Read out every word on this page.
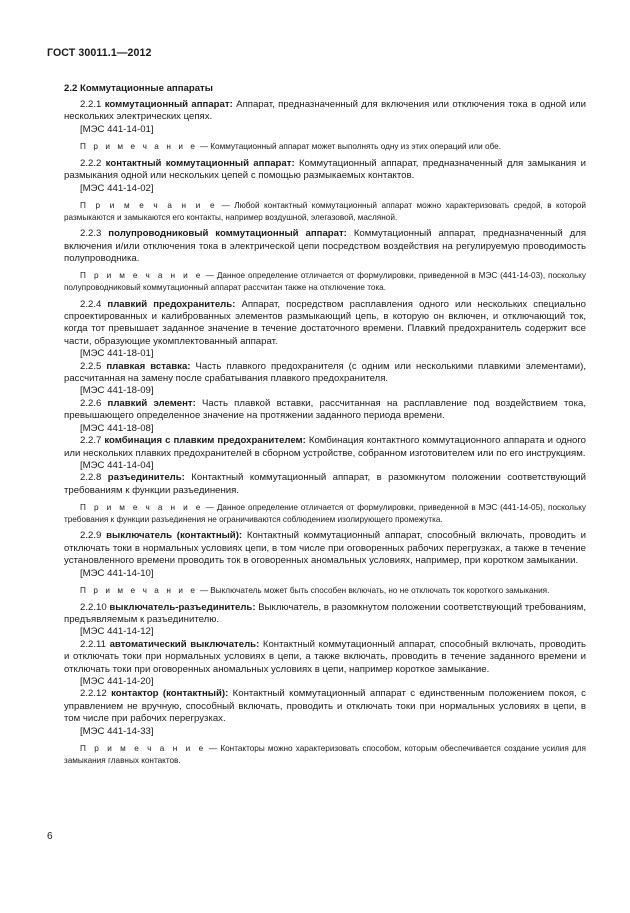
ГОСТ 30011.1—2012
2.2 Коммутационные аппараты
2.2.1 коммутационный аппарат: Аппарат, предназначенный для включения или отключения тока в одной или нескольких электрических цепях.
[МЭС 441-14-01]
П р и м е ч а н и е — Коммутационный аппарат может выполнять одну из этих операций или обе.
2.2.2 контактный коммутационный аппарат: Коммутационный аппарат, предназначенный для замыкания и размыкания одной или нескольких цепей с помощью размыкаемых контактов.
[МЭС 441-14-02]
П р и м е ч а н и е — Любой контактный коммутационный аппарат можно характеризовать средой, в которой размыкаются и замыкаются его контакты, например воздушной, элегазовой, масляной.
2.2.3 полупроводниковый коммутационный аппарат: Коммутационный аппарат, предназначенный для включения и/или отключения тока в электрической цепи посредством воздействия на регулируемую проводимость полупроводника.
П р и м е ч а н и е — Данное определение отличается от формулировки, приведенной в МЭС (441-14-03), поскольку полупроводниковый коммутационный аппарат рассчитан также на отключение тока.
2.2.4 плавкий предохранитель: Аппарат, посредством расплавления одного или нескольких специально спроектированных и калиброванных элементов размыкающий цепь, в которую он включен, и отключающий ток, когда тот превышает заданное значение в течение достаточного времени. Плавкий предохранитель содержит все части, образующие укомплектованный аппарат.
[МЭС 441-18-01]
2.2.5 плавкая вставка: Часть плавкого предохранителя (с одним или несколькими плавкими элементами), рассчитанная на замену после срабатывания плавкого предохранителя.
[МЭС 441-18-09]
2.2.6 плавкий элемент: Часть плавкой вставки, рассчитанная на расплавление под воздействием тока, превышающего определенное значение на протяжении заданного периода времени.
[МЭС 441-18-08]
2.2.7 комбинация с плавким предохранителем: Комбинация контактного коммутационного аппарата и одного или нескольких плавких предохранителей в сборном устройстве, собранном изготовителем или по его инструкциям.
[МЭС 441-14-04]
2.2.8 разъединитель: Контактный коммутационный аппарат, в разомкнутом положении соответствующий требованиям к функции разъединения.
П р и м е ч а н и е — Данное определение отличается от формулировки, приведенной в МЭС (441-14-05), поскольку требования к функции разъединения не ограничиваются соблюдением изолирующего промежутка.
2.2.9 выключатель (контактный): Контактный коммутационный аппарат, способный включать, проводить и отключать токи в нормальных условиях цепи, в том числе при оговоренных рабочих перегрузках, а также в течение установленного времени проводить ток в оговоренных аномальных условиях, например, при коротком замыкании.
[МЭС 441-14-10]
П р и м е ч а н и е — Выключатель может быть способен включать, но не отключать ток короткого замыкания.
2.2.10 выключатель-разъединитель: Выключатель, в разомкнутом положении соответствующий требованиям, предъявляемым к разъединителю.
[МЭС 441-14-12]
2.2.11 автоматический выключатель: Контактный коммутационный аппарат, способный включать, проводить и отключать токи при нормальных условиях в цепи, а также включать, проводить в течение заданного времени и отключать токи при оговоренных аномальных условиях в цепи, например короткое замыкание.
[МЭС 441-14-20]
2.2.12 контактор (контактный): Контактный коммутационный аппарат с единственным положением покоя, с управлением не вручную, способный включать, проводить и отключать токи при нормальных условиях в цепи, в том числе при рабочих перегрузках.
[МЭС 441-14-33]
П р и м е ч а н и е — Контакторы можно характеризовать способом, которым обеспечивается создание усилия для замыкания главных контактов.
6
